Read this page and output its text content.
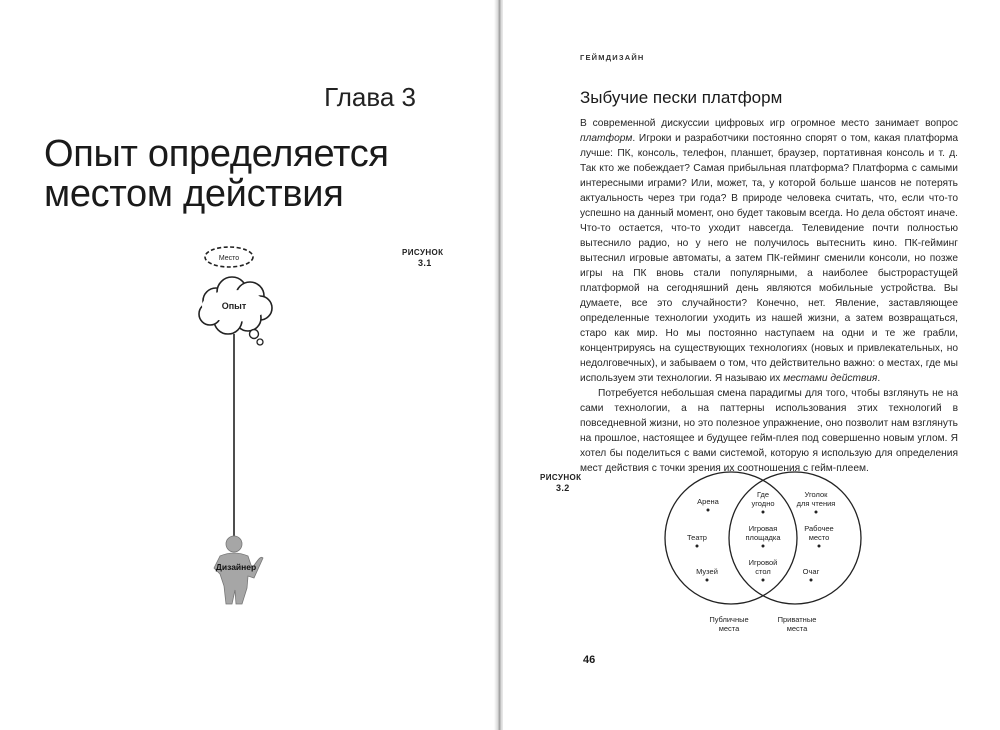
Глава 3
Опыт определяется местом действия
РИСУНОК
3.1
Место
Опыт
Дизайнер
ГЕЙМДИЗАЙН
Зыбучие пески платформ

В современной дискуссии цифровых игр огромное место занимает вопрос платформ. Игроки и разработчики постоянно спорят о том, какая платформа лучше: ПК, консоль, телефон, планшет, браузер, портативная консоль и т. д. Так кто же побеждает? Самая прибыльная платформа? Платформа с самыми интересными играми? Или, может, та, у которой больше шансов не потерять актуальность через три года? В природе человека считать, что, если что-то успешно на данный момент, оно будет таковым всегда. Но дела обстоят иначе. Что-то остается, что-то уходит навсегда. Телевидение почти полностью вытеснило радио, но у него не получилось вытеснить кино. ПК-гейминг вытеснил игровые автоматы, а затем ПК-гейминг сменили консоли, но позже игры на ПК вновь стали популярными, а наиболее быстрорастущей платформой на сегодняшний день являются мобильные устройства. Вы думаете, все это случайности? Конечно, нет. Явление, заставляющее определенные технологии уходить из нашей жизни, а затем возвращаться, старо как мир. Но мы постоянно наступаем на одни и те же грабли, концентрируясь на существующих технологиях (новых и привлекательных, но недолговечных), и забываем о том, что действительно важно: о местах, где мы используем эти технологии. Я называю их местами действия.

Потребуется небольшая смена парадигмы для того, чтобы взглянуть не на сами технологии, а на паттерны использования этих технологий в повседневной жизни, но это полезное упражнение, оно позволит нам взглянуть на прошлое, настоящее и будущее гейм-плея под совершенно новым углом. Я хотел бы поделиться с вами системой, которую я использую для определения мест действия с точки зрения их соотношения с гейм-плеем.

РИСУНОК
3.2
Арена
Театр
Музей
Где
угодно
Игровая
площадка
Игровой
стол
Уголок
для чтения
Рабочее
место
Очаг
Публичные
места
Приватные
места
46
